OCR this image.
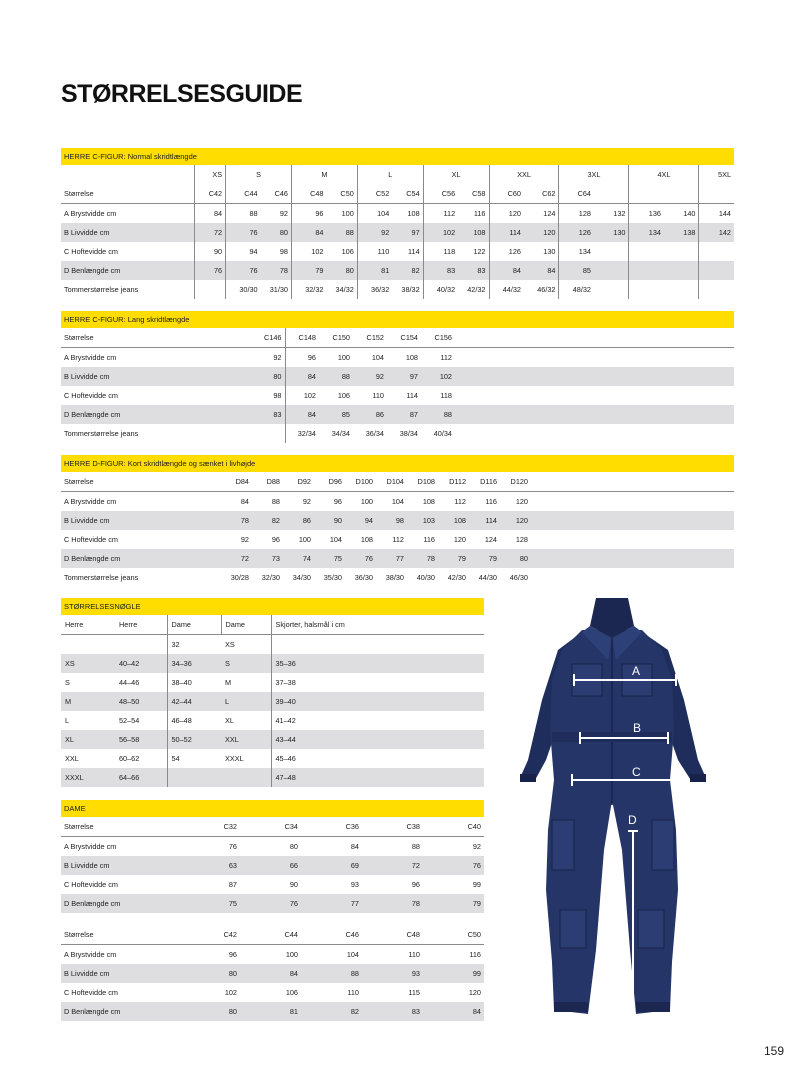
STØRRELSESGUIDE
HERRE C-FIGUR: Normal skridtlængde
	XS	S		M		L		XL		XXL		3XL		4XL		5XL
Størrelse	C42	C44	C46	C48	C50	C52	C54	C56	C58	C60	C62	C64				
A Brystvidde cm	84	88	92	96	100	104	108	112	116	120	124	128	132	136	140	144
B Livvidde cm	72	76	80	84	88	92	97	102	108	114	120	126	130	134	138	142
C Hoftevidde cm	90	94	98	102	106	110	114	118	122	126	130	134				
D Benlængde cm	76	76	78	79	80	81	82	83	83	84	84	85				
Tommerstørrelse jeans		30/30	31/30	32/32	34/32	36/32	38/32	40/32	42/32	44/32	46/32	48/32				
HERRE C-FIGUR: Lang skridtlængde
Størrelse	C146	C148	C150	C152	C154	C156	
A Brystvidde cm	92	96	100	104	108	112	
B Livvidde cm	80	84	88	92	97	102	
C Hoftevidde cm	98	102	106	110	114	118	
D Benlængde cm	83	84	85	86	87	88	
Tommerstørrelse jeans		32/34	34/34	36/34	38/34	40/34	
HERRE D-FIGUR: Kort skridtlængde og sænket i livhøjde
Størrelse	D84	D88	D92	D96	D100	D104	D108	D112	D116	D120	
A Brystvidde cm	84	88	92	96	100	104	108	112	116	120	
B Livvidde cm	78	82	86	90	94	98	103	108	114	120	
C Hoftevidde cm	92	96	100	104	108	112	116	120	124	128	
D Benlængde cm	72	73	74	75	76	77	78	79	79	80	
Tommerstørrelse jeans	30/28	32/30	34/30	35/30	36/30	38/30	40/30	42/30	44/30	46/30	
STØRRELSESNØGLE
Herre	Herre	Dame	Dame	Skjorter, halsmål i cm
		32	XS	
XS	40–42	34–36	S	35–36
S	44–46	38–40	M	37–38
M	48–50	42–44	L	39–40
L	52–54	46–48	XL	41–42
XL	56–58	50–52	XXL	43–44
XXL	60–62	54	XXXL	45–46
XXXL	64–66			47–48
DAME
Størrelse	C32	C34	C36	C38	C40
A Brystvidde cm	76	80	84	88	92
B Livvidde cm	63	66	69	72	76
C Hoftevidde cm	87	90	93	96	99
D Benlængde cm	75	76	77	78	79
Størrelse	C42	C44	C46	C48	C50
A Brystvidde cm	96	100	104	110	116
B Livvidde cm	80	84	88	93	99
C Hoftevidde cm	102	106	110	115	120
D Benlængde cm	80	81	82	83	84
A
B
C
D
159
